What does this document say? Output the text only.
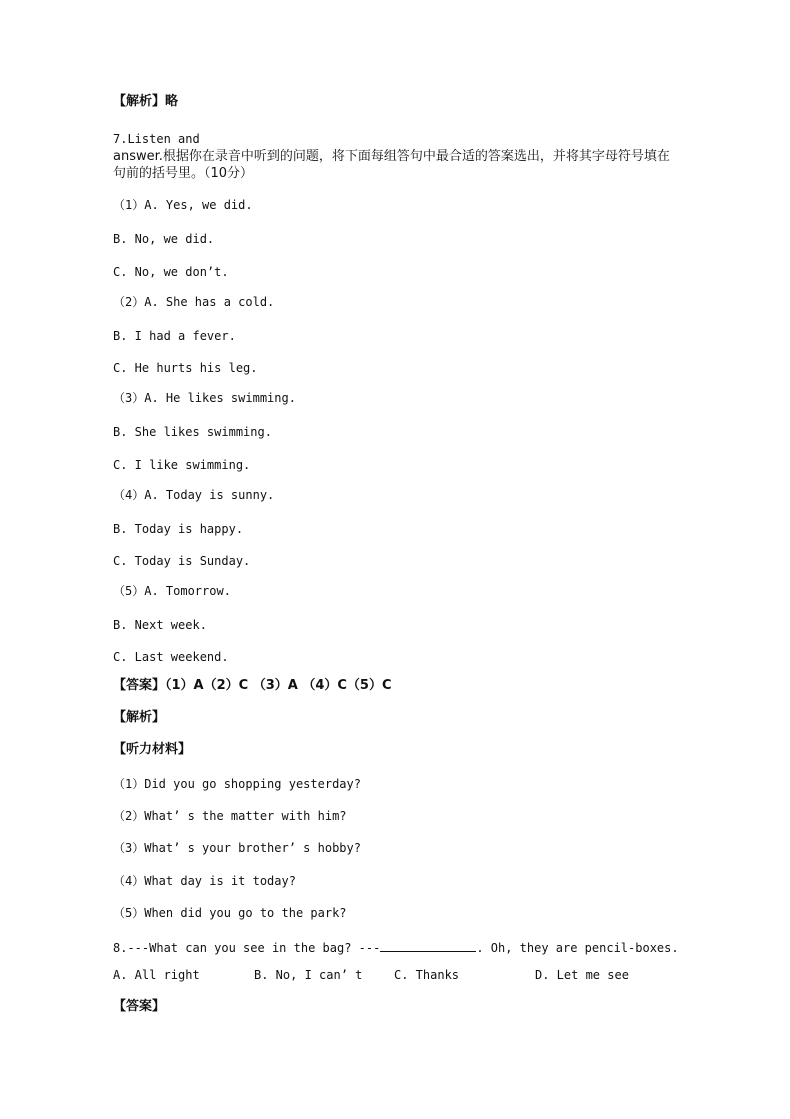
【解析】略
7.Listen and
answer.根据你在录音中听到的问题，将下面每组答句中最合适的答案选出，并将其字母符号填在句前的括号里。（10分）
（1）A. Yes, we did.
B. No, we did.
C. No, we don’t.
（2）A. She has a cold.
B. I had a fever.
C. He hurts his leg.
（3）A. He likes swimming.
B. She likes swimming.
C. I like swimming.
（4）A. Today is sunny.
B. Today is happy.
C. Today is Sunday.
（5）A. Tomorrow.
B. Next week.
C. Last weekend.
【答案】（1）A（2）C （3）A （4）C（5）C
【解析】
【听力材料】
（1）Did you go shopping yesterday?
（2）What’ s the matter with him?
（3）What’ s your brother’ s hobby?
（4）What day is it today?
（5）When did you go to the park?
8.---What can you see in the bag? ---	. Oh, they are pencil-boxes.
A. All right	B. No, I can’ t	C. Thanks	D. Let me see
【答案】
